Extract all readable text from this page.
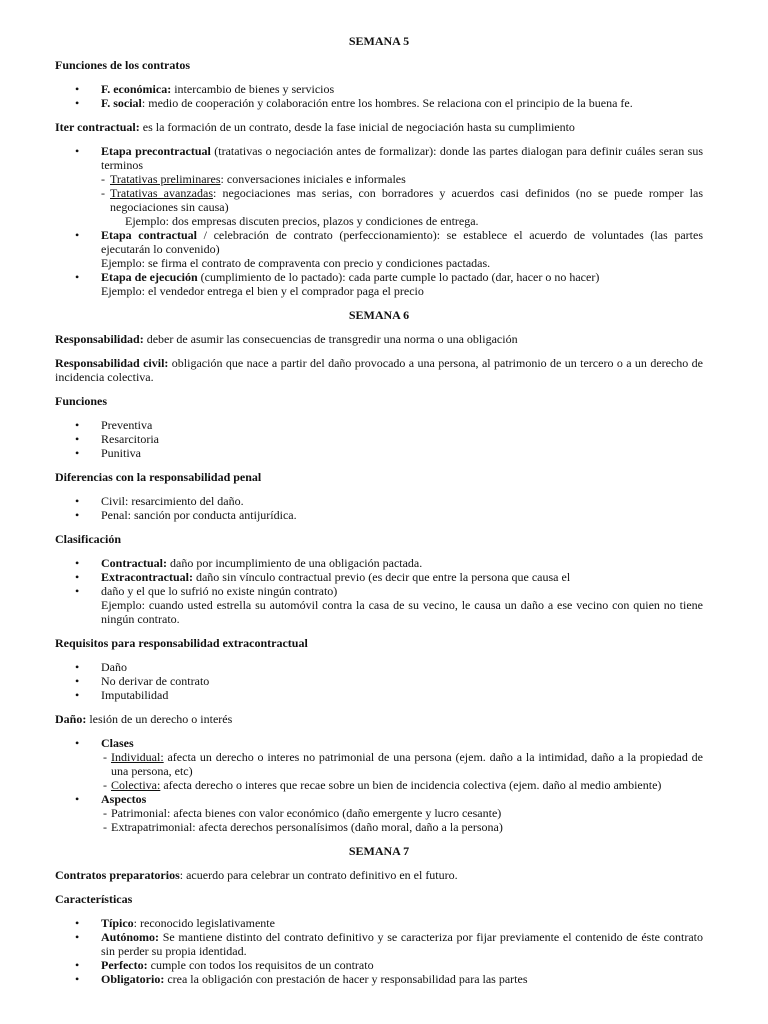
SEMANA 5

Funciones de los contratos

• F. económica: intercambio de bienes y servicios
• F. social: medio de cooperación y colaboración entre los hombres. Se relaciona con el principio de la buena fe.

Iter contractual: es la formación de un contrato, desde la fase inicial de negociación hasta su cumplimiento

• Etapa precontractual (tratativas o negociación antes de formalizar): donde las partes dialogan para definir cuáles seran sus terminos
- Tratativas preliminares: conversaciones iniciales e informales
- Tratativas avanzadas: negociaciones mas serias, con borradores y acuerdos casi definidos (no se puede romper las negociaciones sin causa)
Ejemplo: dos empresas discuten precios, plazos y condiciones de entrega.
• Etapa contractual / celebración de contrato (perfeccionamiento): se establece el acuerdo de voluntades (las partes ejecutarán lo convenido)
Ejemplo: se firma el contrato de compraventa con precio y condiciones pactadas.
• Etapa de ejecución (cumplimiento de lo pactado): cada parte cumple lo pactado (dar, hacer o no hacer)
Ejemplo: el vendedor entrega el bien y el comprador paga el precio

SEMANA 6

Responsabilidad: deber de asumir las consecuencias de transgredir una norma o una obligación

Responsabilidad civil: obligación que nace a partir del daño provocado a una persona, al patrimonio de un tercero o a un derecho de incidencia colectiva.

Funciones

• Preventiva
• Resarcitoria
• Punitiva

Diferencias con la responsabilidad penal

• Civil: resarcimiento del daño.
• Penal: sanción por conducta antijurídica.

Clasificación

• Contractual: daño por incumplimiento de una obligación pactada.
• Extracontractual: daño sin vínculo contractual previo (es decir que entre la persona que causa el
• daño y el que lo sufrió no existe ningún contrato)
Ejemplo: cuando usted estrella su automóvil contra la casa de su vecino, le causa un daño a ese vecino con quien no tiene ningún contrato.

Requisitos para responsabilidad extracontractual

• Daño
• No derivar de contrato
• Imputabilidad

Daño: lesión de un derecho o interés

• Clases
- Individual: afecta un derecho o interes no patrimonial de una persona (ejem. daño a la intimidad, daño a la propiedad de una persona, etc)
- Colectiva: afecta derecho o interes que recae sobre un bien de incidencia colectiva (ejem. daño al medio ambiente)
• Aspectos
- Patrimonial: afecta bienes con valor económico (daño emergente y lucro cesante)
- Extrapatrimonial: afecta derechos personalísimos (daño moral, daño a la persona)

SEMANA 7

Contratos preparatorios: acuerdo para celebrar un contrato definitivo en el futuro.

Características

• Típico: reconocido legislativamente
• Autónomo: Se mantiene distinto del contrato definitivo y se caracteriza por fijar previamente el contenido de éste contrato sin perder su propia identidad.
• Perfecto: cumple con todos los requisitos de un contrato
• Obligatorio: crea la obligación con prestación de hacer y responsabilidad para las partes
